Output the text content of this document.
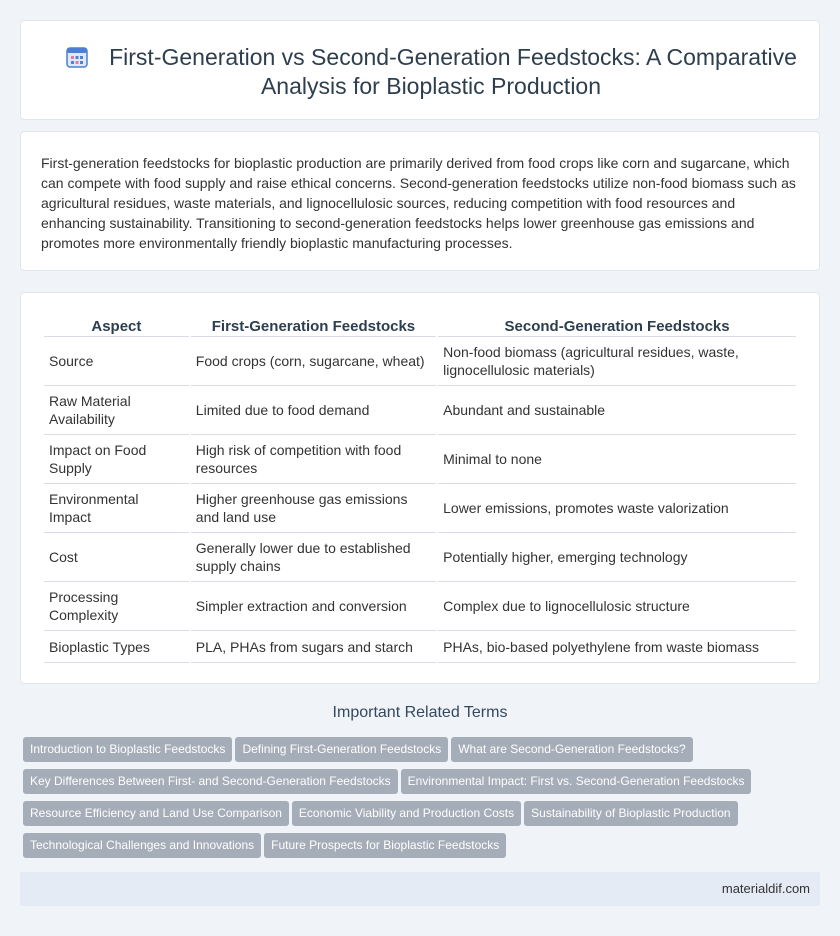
First-Generation vs Second-Generation Feedstocks: A Comparative Analysis for Bioplastic Production

First-generation feedstocks for bioplastic production are primarily derived from food crops like corn and sugarcane, which can compete with food supply and raise ethical concerns. Second-generation feedstocks utilize non-food biomass such as agricultural residues, waste materials, and lignocellulosic sources, reducing competition with food resources and enhancing sustainability. Transitioning to second-generation feedstocks helps lower greenhouse gas emissions and promotes more environmentally friendly bioplastic manufacturing processes.

Aspect	First-Generation Feedstocks	Second-Generation Feedstocks
Source	Food crops (corn, sugarcane, wheat)	Non-food biomass (agricultural residues, waste, lignocellulosic materials)
Raw Material Availability	Limited due to food demand	Abundant and sustainable
Impact on Food Supply	High risk of competition with food resources	Minimal to none
Environmental Impact	Higher greenhouse gas emissions and land use	Lower emissions, promotes waste valorization
Cost	Generally lower due to established supply chains	Potentially higher, emerging technology
Processing Complexity	Simpler extraction and conversion	Complex due to lignocellulosic structure
Bioplastic Types	PLA, PHAs from sugars and starch	PHAs, bio-based polyethylene from waste biomass
Important Related Terms
Introduction to Bioplastic Feedstocks Defining First-Generation Feedstocks What are Second-Generation Feedstocks?
Key Differences Between First- and Second-Generation Feedstocks Environmental Impact: First vs. Second-Generation Feedstocks
Resource Efficiency and Land Use Comparison Economic Viability and Production Costs Sustainability of Bioplastic Production
Technological Challenges and Innovations Future Prospects for Bioplastic Feedstocks
materialdif.com
